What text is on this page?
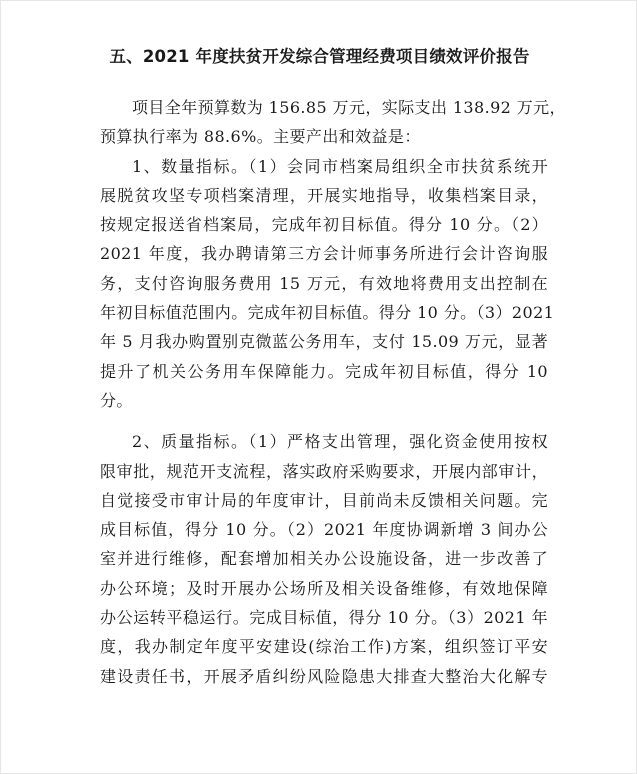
五、2021 年度扶贫开发综合管理经费项目绩效评价报告
项目全年预算数为 156.85 万元，实际支出 138.92 万元，
预算执行率为 88.6%。主要产出和效益是：
1、数量指标。（1）会同市档案局组织全市扶贫系统开
展脱贫攻坚专项档案清理，开展实地指导，收集档案目录，
按规定报送省档案局，完成年初目标值。得分 10 分。（2）
2021 年度，我办聘请第三方会计师事务所进行会计咨询服
务，支付咨询服务费用 15 万元，有效地将费用支出控制在
年初目标值范围内。完成年初目标值。得分 10 分。（3）2021
年 5 月我办购置别克微蓝公务用车，支付 15.09 万元，显著
提升了机关公务用车保障能力。完成年初目标值，得分 10
分。
2、质量指标。（1）严格支出管理，强化资金使用按权
限审批，规范开支流程，落实政府采购要求，开展内部审计，
自觉接受市审计局的年度审计，目前尚未反馈相关问题。完
成目标值，得分 10 分。（2）2021 年度协调新增 3 间办公
室并进行维修，配套增加相关办公设施设备，进一步改善了
办公环境；及时开展办公场所及相关设备维修，有效地保障
办公运转平稳运行。完成目标值，得分 10 分。（3）2021 年
度，我办制定年度平安建设(综治工作)方案，组织签订平安
建设责任书，开展矛盾纠纷风险隐患大排查大整治大化解专
